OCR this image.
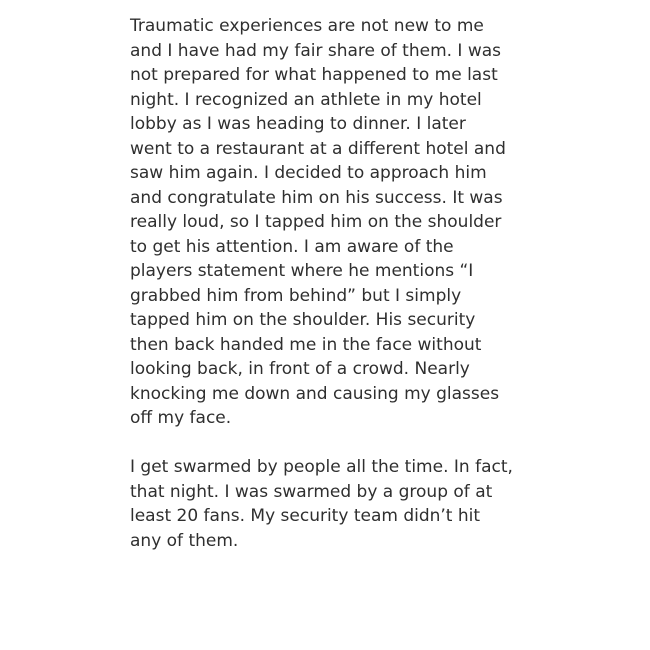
Traumatic experiences are not new to me
and I have had my fair share of them. I was
not prepared for what happened to me last
night. I recognized an athlete in my hotel
lobby as I was heading to dinner. I later
went to a restaurant at a different hotel and
saw him again. I decided to approach him
and congratulate him on his success. It was
really loud, so I tapped him on the shoulder
to get his attention. I am aware of the
players statement where he mentions “I
grabbed him from behind” but I simply
tapped him on the shoulder. His security
then back handed me in the face without
looking back, in front of a crowd. Nearly
knocking me down and causing my glasses
off my face.

I get swarmed by people all the time. In fact,
that night. I was swarmed by a group of at
least 20 fans. My security team didn’t hit
any of them.
